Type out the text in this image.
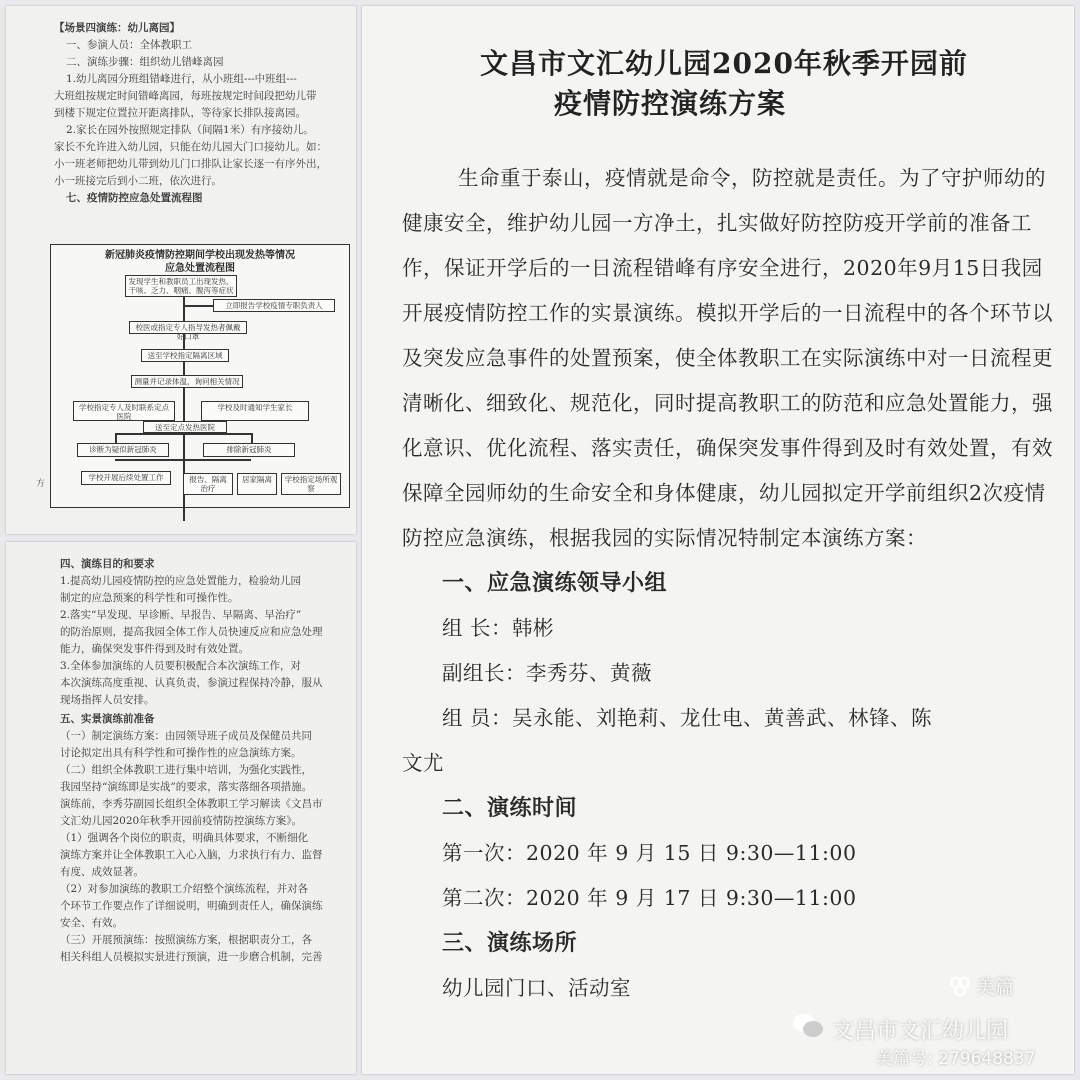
【场景四演练：幼儿离园】

一、参演人员：全体教职工

二、演练步骤：组织幼儿错峰离园

1.幼儿离园分班组错峰进行，从小班组---中班组---

大班组按规定时间错峰离园，每班按规定时间段把幼儿带

到楼下规定位置拉开距离排队，等待家长排队接离园。

2.家长在园外按照规定排队（间隔1米）有序接幼儿。

家长不允许进入幼儿园，只能在幼儿园大门口接幼儿。如：

小一班老师把幼儿带到幼儿门口排队让家长逐一有序外出，

小一班接完后到小二班，依次进行。

七、疫情防控应急处置流程图

新冠肺炎疫情防控期间学校出现发热等情况
应急处置流程图
发现学生和教职员工出现发热、干咳、乏力、咽痛、腹泻等症状
立即报告学校疫情专职负责人
校医或指定专人指导发热者佩戴好口罩
送至学校指定隔离区域
测量并记录体温，询问相关情况
学校指定专人及时联系定点医院
学校及时通知学生家长
送至定点发热医院
诊断为疑似新冠肺炎	排除新冠肺炎
学校开展后续处置工作	报告、隔离治疗
居家隔离	学校指定场所观察
方

四、演练目的和要求

1.提高幼儿园疫情防控的应急处置能力，检验幼儿园

制定的应急预案的科学性和可操作性。

2.落实“早发现、早诊断、早报告、早隔离、早治疗”

的防治原则，提高我园全体工作人员快速反应和应急处理

能力，确保突发事件得到及时有效处置。

3.全体参加演练的人员要积极配合本次演练工作，对

本次演练高度重视、认真负责，参演过程保持冷静，服从

现场指挥人员安排。

五、实景演练前准备

（一）制定演练方案：由园领导班子成员及保健员共同

讨论拟定出具有科学性和可操作性的应急演练方案。

（二）组织全体教职工进行集中培训，为强化实践性，

我园坚持“演练即是实战”的要求，落实落细各项措施。

演练前，李秀芬副园长组织全体教职工学习解读《文昌市

文汇幼儿园2020年秋季开园前疫情防控演练方案》。

（1）强调各个岗位的职责，明确具体要求，不断细化

演练方案并让全体教职工入心入脑，力求执行有力、监督

有度、成效显著。

（2）对参加演练的教职工介绍整个演练流程，并对各

个环节工作要点作了详细说明，明确到责任人，确保演练

安全、有效。

（三）开展预演练：按照演练方案，根据职责分工，各

相关科组人员模拟实景进行预演，进一步磨合机制，完善

文昌市文汇幼儿园2020年秋季开园前
疫情防控演练方案

生命重于泰山，疫情就是命令，防控就是责任。为了守护师幼的健康安全，维护幼儿园一方净土，扎实做好防控防疫开学前的准备工作，保证开学后的一日流程错峰有序安全进行，2020年9月15日我园开展疫情防控工作的实景演练。模拟开学后的一日流程中的各个环节以及突发应急事件的处置预案，使全体教职工在实际演练中对一日流程更清晰化、细致化、规范化，同时提高教职工的防范和应急处置能力，强化意识、优化流程、落实责任，确保突发事件得到及时有效处置，有效保障全园师幼的生命安全和身体健康，幼儿园拟定开学前组织2次疫情防控应急演练，根据我园的实际情况特制定本演练方案：

一、应急演练领导小组
组 长：韩彬
副组长：李秀芬、黄薇
组 员：吴永能、刘艳莉、龙仕电、黄善武、林锋、陈
文尤
二、演练时间
第一次：2020 年 9 月 15 日 9:30—11:00
第二次：2020 年 9 月 17 日 9:30—11:00
三、演练场所
幼儿园门口、活动室	美篇
文昌市文汇幼儿园
美篇号: 279648837
